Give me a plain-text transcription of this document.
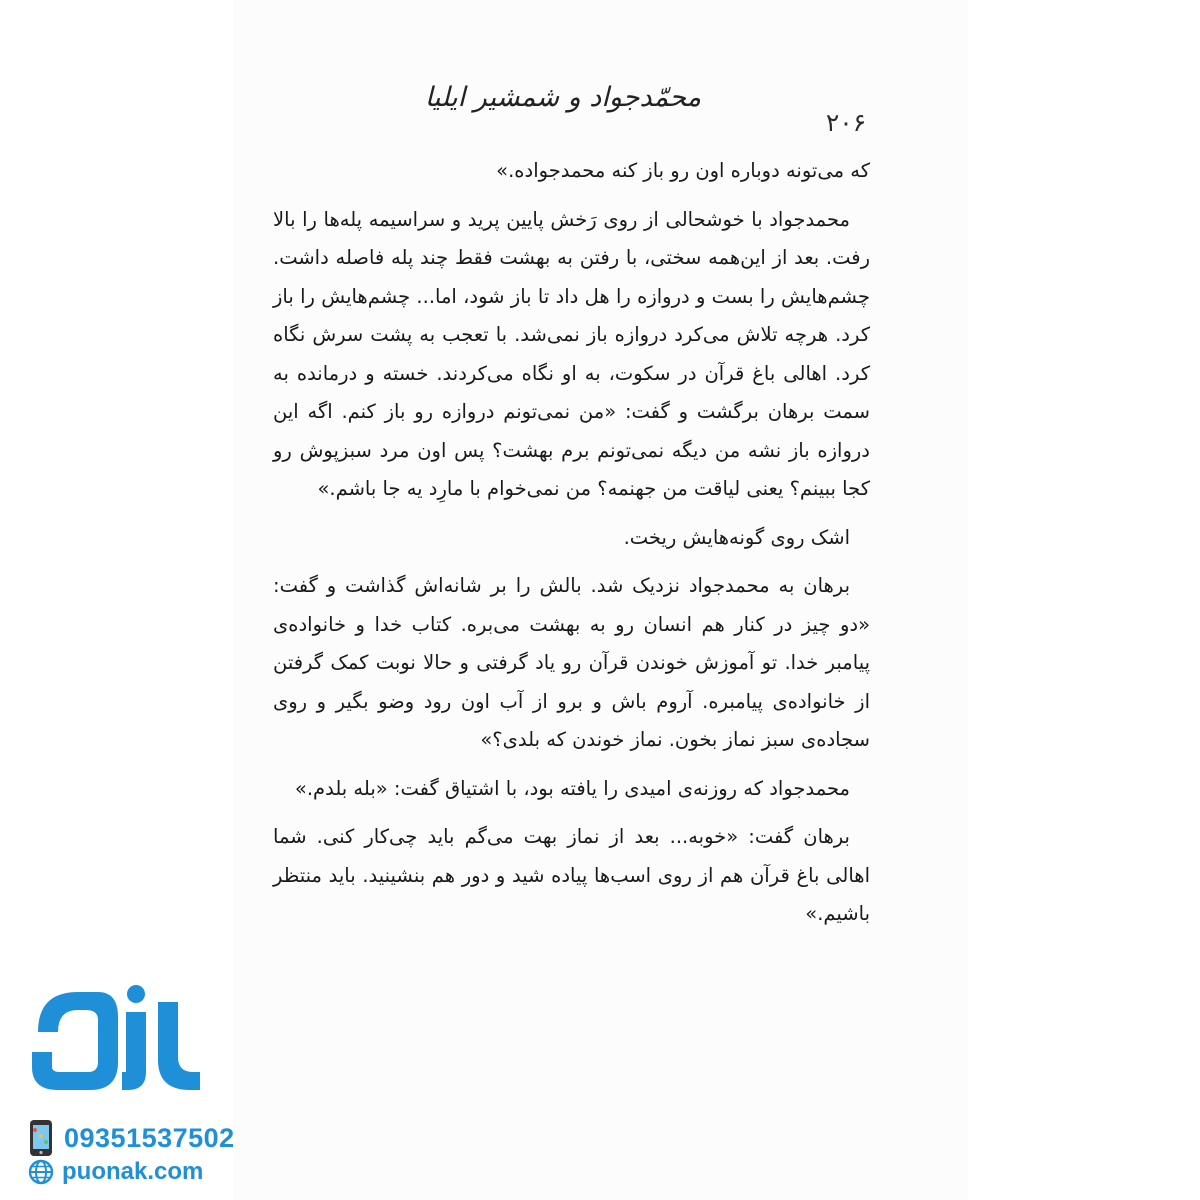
۲۰۶
محمّدجواد و شمشیر ایلیا

که می‌تونه دوباره اون رو باز کنه محمدجواده.»

محمدجواد با خوشحالی از روی رَخش پایین پرید و سراسیمه پله‌ها را بالا رفت. بعد از این‌همه سختی، با رفتن به بهشت فقط چند پله فاصله داشت. چشم‌هایش را بست و دروازه را هل داد تا باز شود، اما... چشم‌هایش را باز کرد. هرچه تلاش می‌کرد دروازه باز نمی‌شد. با تعجب به پشت سرش نگاه کرد. اهالی باغ قرآن در سکوت، به او نگاه می‌کردند. خسته و درمانده به سمت برهان برگشت و گفت: «من نمی‌تونم دروازه رو باز کنم. اگه این دروازه باز نشه من دیگه نمی‌تونم برم بهشت؟ پس اون مرد سبزپوش رو کجا ببینم؟ یعنی لیاقت من جهنمه؟ من نمی‌خوام با مارِد یه جا باشم.»

اشک روی گونه‌هایش ریخت.

برهان به محمدجواد نزدیک شد. بالش را بر شانه‌اش گذاشت و گفت: «دو چیز در کنار هم انسان رو به بهشت می‌بره. کتاب خدا و خانواده‌ی پیامبر خدا. تو آموزش خوندن قرآن رو یاد گرفتی و حالا نوبت کمک گرفتن از خانواده‌ی پیامبره. آروم باش و برو از آب اون رود وضو بگیر و روی سجاده‌ی سبز نماز بخون. نماز خوندن که بلدی؟»

محمدجواد که روزنه‌ی امیدی را یافته بود، با اشتیاق گفت: «بله بلدم.»

برهان گفت: «خوبه... بعد از نماز بهت می‌گم باید چی‌کار کنی. شما اهالی باغ قرآن هم از روی اسب‌ها پیاده شید و دور هم بنشینید. باید منتظر باشیم.»

09351537502
puonak.com
